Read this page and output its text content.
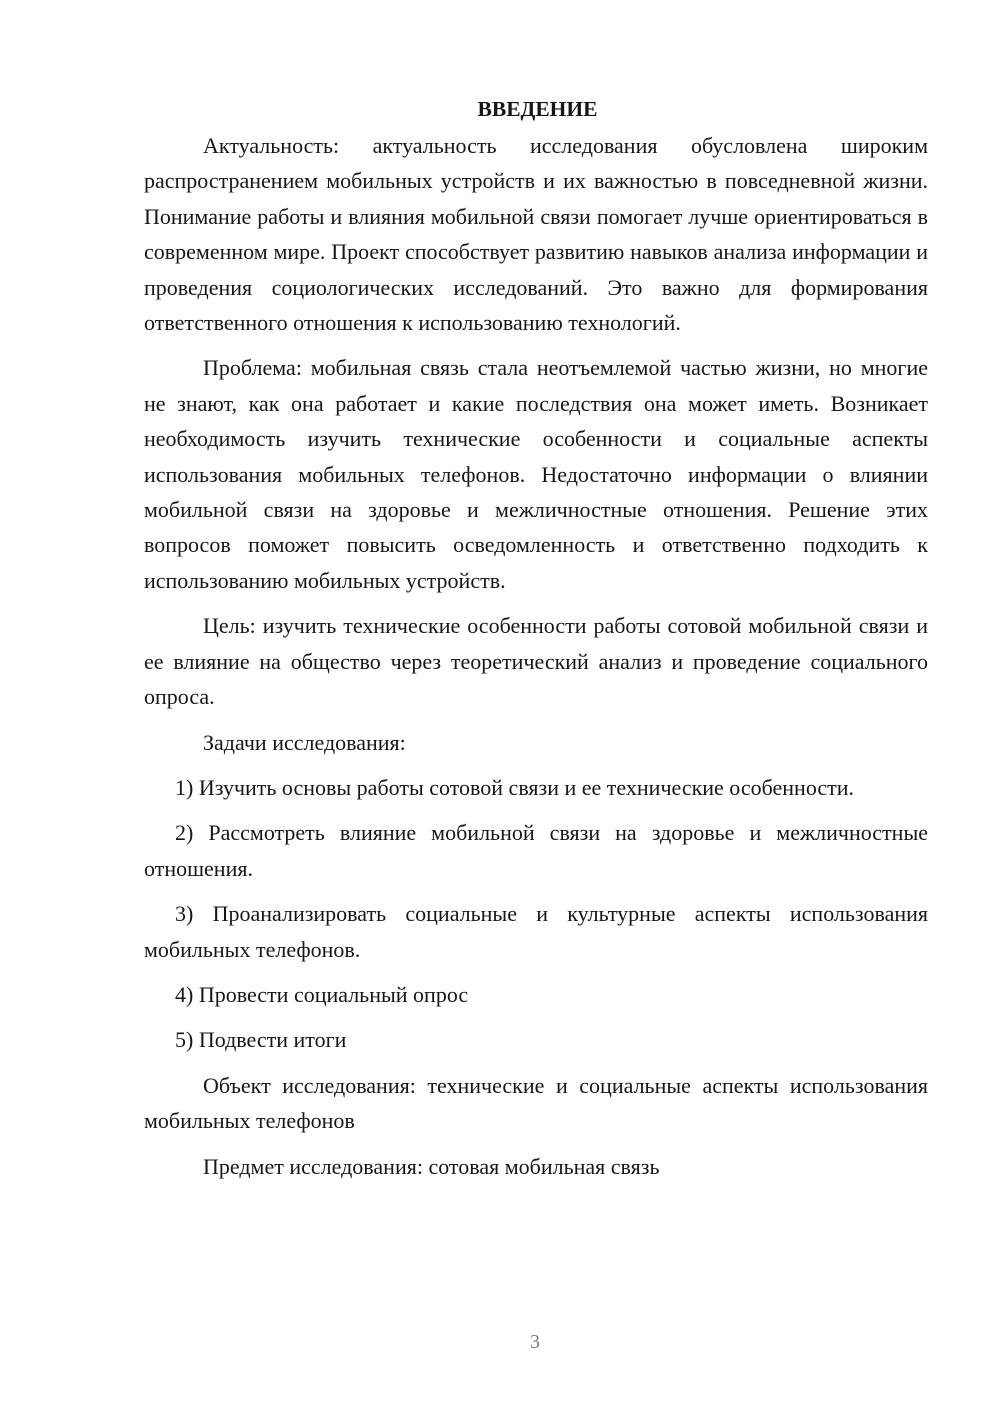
ВВЕДЕНИЕ

Актуальность: актуальность исследования обусловлена широким распространением мобильных устройств и их важностью в повседневной жизни. Понимание работы и влияния мобильной связи помогает лучше ориентироваться в современном мире. Проект способствует развитию навыков анализа информации и проведения социологических исследований. Это важно для формирования ответственного отношения к использованию технологий.

Проблема: мобильная связь стала неотъемлемой частью жизни, но многие не знают, как она работает и какие последствия она может иметь. Возникает необходимость изучить технические особенности и социальные аспекты использования мобильных телефонов. Недостаточно информации о влиянии мобильной связи на здоровье и межличностные отношения. Решение этих вопросов поможет повысить осведомленность и ответственно подходить к использованию мобильных устройств.

Цель: изучить технические особенности работы сотовой мобильной связи и ее влияние на общество через теоретический анализ и проведение социального опроса.

Задачи исследования:

1) Изучить основы работы сотовой связи и ее технические особенности.

2) Рассмотреть влияние мобильной связи на здоровье и межличностные отношения.

3) Проанализировать социальные и культурные аспекты использования мобильных телефонов.

4) Провести социальный опрос

5) Подвести итоги

Объект исследования: технические и социальные аспекты использования мобильных телефонов

Предмет исследования: сотовая мобильная связь

3
